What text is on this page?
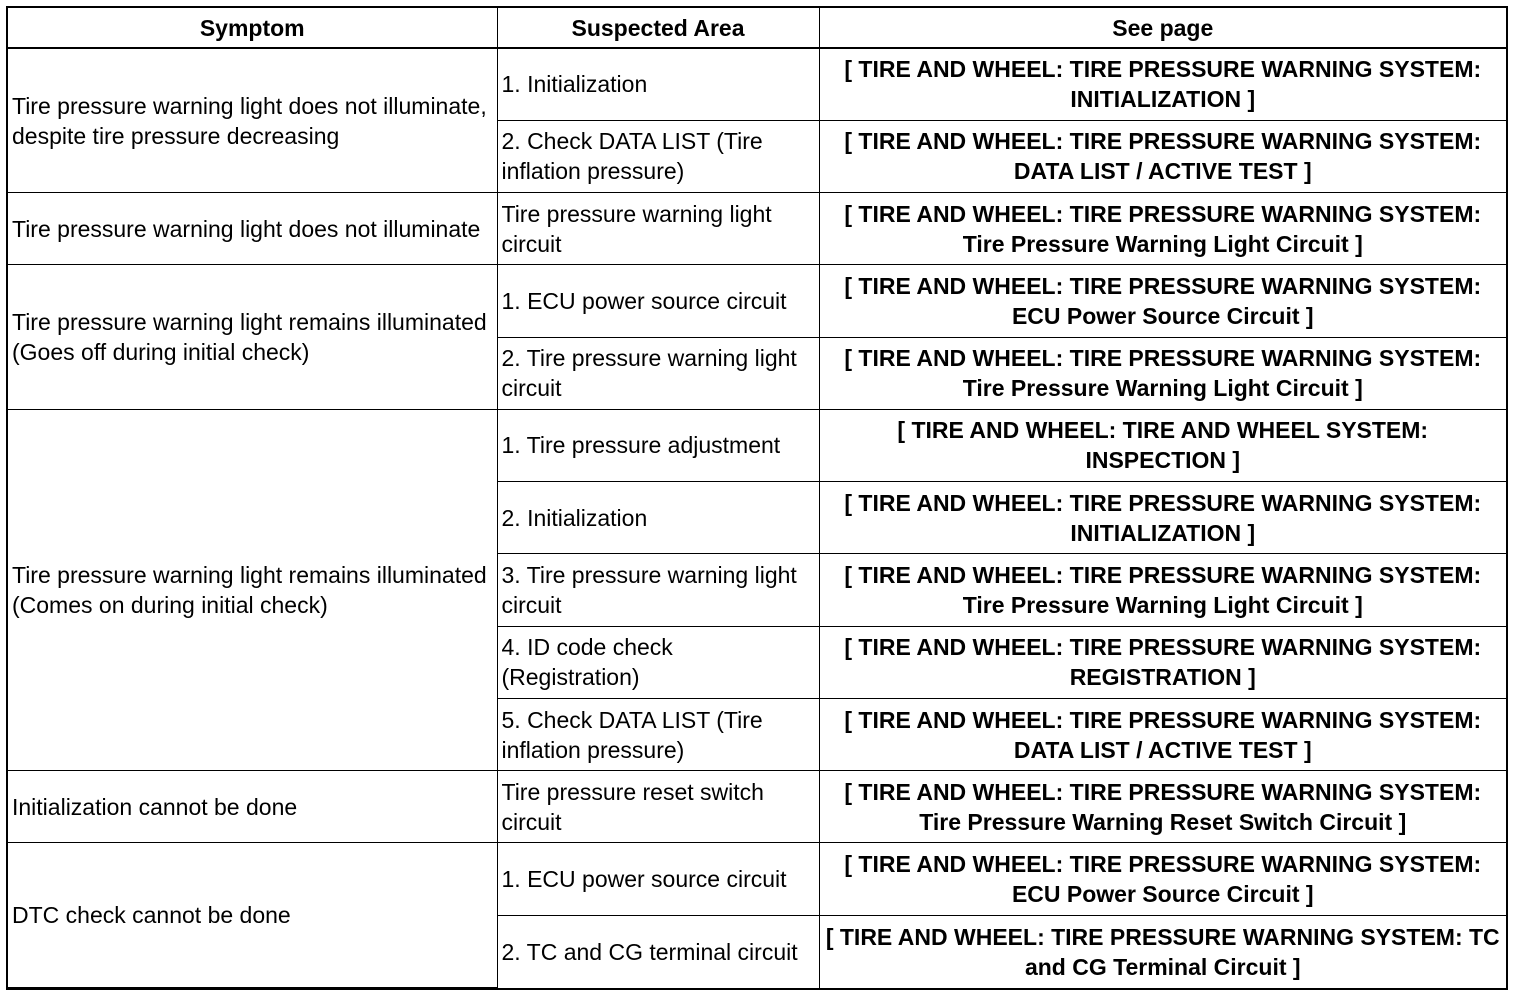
Symptom	Suspected Area	See page
Tire pressure warning light does not illuminate, despite tire pressure decreasing	1. Initialization	[ TIRE AND WHEEL: TIRE PRESSURE WARNING SYSTEM: INITIALIZATION ]
	2. Check DATA LIST (Tire inflation pressure)	[ TIRE AND WHEEL: TIRE PRESSURE WARNING SYSTEM: DATA LIST / ACTIVE TEST ]
Tire pressure warning light does not illuminate	Tire pressure warning light circuit	[ TIRE AND WHEEL: TIRE PRESSURE WARNING SYSTEM: Tire Pressure Warning Light Circuit ]
Tire pressure warning light remains illuminated (Goes off during initial check)	1. ECU power source circuit	[ TIRE AND WHEEL: TIRE PRESSURE WARNING SYSTEM: ECU Power Source Circuit ]
	2. Tire pressure warning light circuit	[ TIRE AND WHEEL: TIRE PRESSURE WARNING SYSTEM: Tire Pressure Warning Light Circuit ]
Tire pressure warning light remains illuminated (Comes on during initial check)	1. Tire pressure adjustment	[ TIRE AND WHEEL: TIRE AND WHEEL SYSTEM: INSPECTION ]
	2. Initialization	[ TIRE AND WHEEL: TIRE PRESSURE WARNING SYSTEM: INITIALIZATION ]
	3. Tire pressure warning light circuit	[ TIRE AND WHEEL: TIRE PRESSURE WARNING SYSTEM: Tire Pressure Warning Light Circuit ]
	4. ID code check (Registration)	[ TIRE AND WHEEL: TIRE PRESSURE WARNING SYSTEM: REGISTRATION ]
	5. Check DATA LIST (Tire inflation pressure)	[ TIRE AND WHEEL: TIRE PRESSURE WARNING SYSTEM: DATA LIST / ACTIVE TEST ]
Initialization cannot be done	Tire pressure reset switch circuit	[ TIRE AND WHEEL: TIRE PRESSURE WARNING SYSTEM: Tire Pressure Warning Reset Switch Circuit ]
DTC check cannot be done	1. ECU power source circuit	[ TIRE AND WHEEL: TIRE PRESSURE WARNING SYSTEM: ECU Power Source Circuit ]
	2. TC and CG terminal circuit	[ TIRE AND WHEEL: TIRE PRESSURE WARNING SYSTEM: TC and CG Terminal Circuit ]
